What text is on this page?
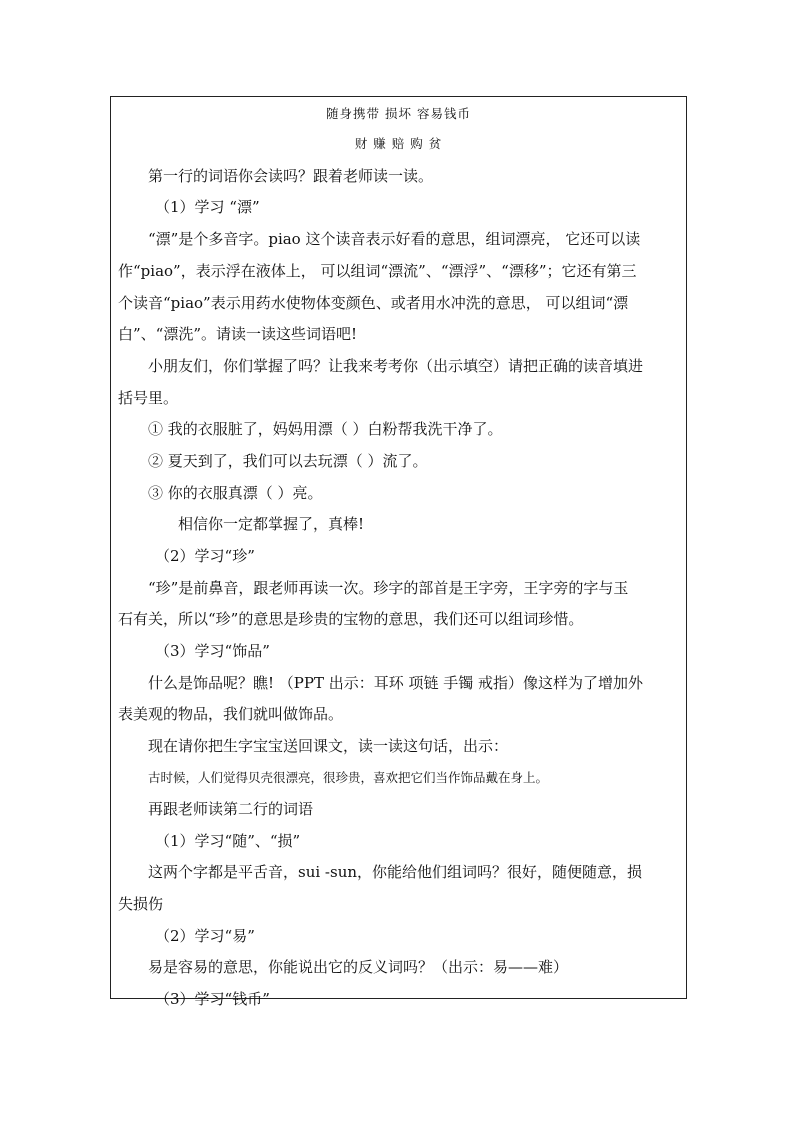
随身携带 损坏 容易钱币
财 赚 赔 购 贫
第一行的词语你会读吗？跟着老师读一读。
（1）学习 “漂”
“漂”是个多音字。piao 这个读音表示好看的意思，组词漂亮， 它还可以读
作“piao”，表示浮在液体上， 可以组词“漂流”、“漂浮”、“漂移”；它还有第三
个读音“piao”表示用药水使物体变颜色、或者用水冲洗的意思， 可以组词“漂
白”、“漂洗”。请读一读这些词语吧!
小朋友们，你们掌握了吗？让我来考考你（出示填空）请把正确的读音填进
括号里。
① 我的衣服脏了，妈妈用漂（ ）白粉帮我洗干净了。
② 夏天到了，我们可以去玩漂（ ）流了。
③ 你的衣服真漂（ ）亮。
相信你一定都掌握了，真棒!
（2）学习“珍”
“珍”是前鼻音，跟老师再读一次。珍字的部首是王字旁，王字旁的字与玉
石有关，所以“珍”的意思是珍贵的宝物的意思，我们还可以组词珍惜。
（3）学习“饰品”
什么是饰品呢？瞧! （PPT 出示：耳环 项链 手镯 戒指）像这样为了增加外
表美观的物品，我们就叫做饰品。
现在请你把生字宝宝送回课文，读一读这句话，出示：
古时候，人们觉得贝壳很漂亮，很珍贵，喜欢把它们当作饰品戴在身上。
再跟老师读第二行的词语
（1）学习“随”、“损”
这两个字都是平舌音，sui -sun，你能给他们组词吗？很好，随便随意，损
失损伤
（2）学习“易”
易是容易的意思，你能说出它的反义词吗？（出示：易——难）
（3）学习“钱币”
